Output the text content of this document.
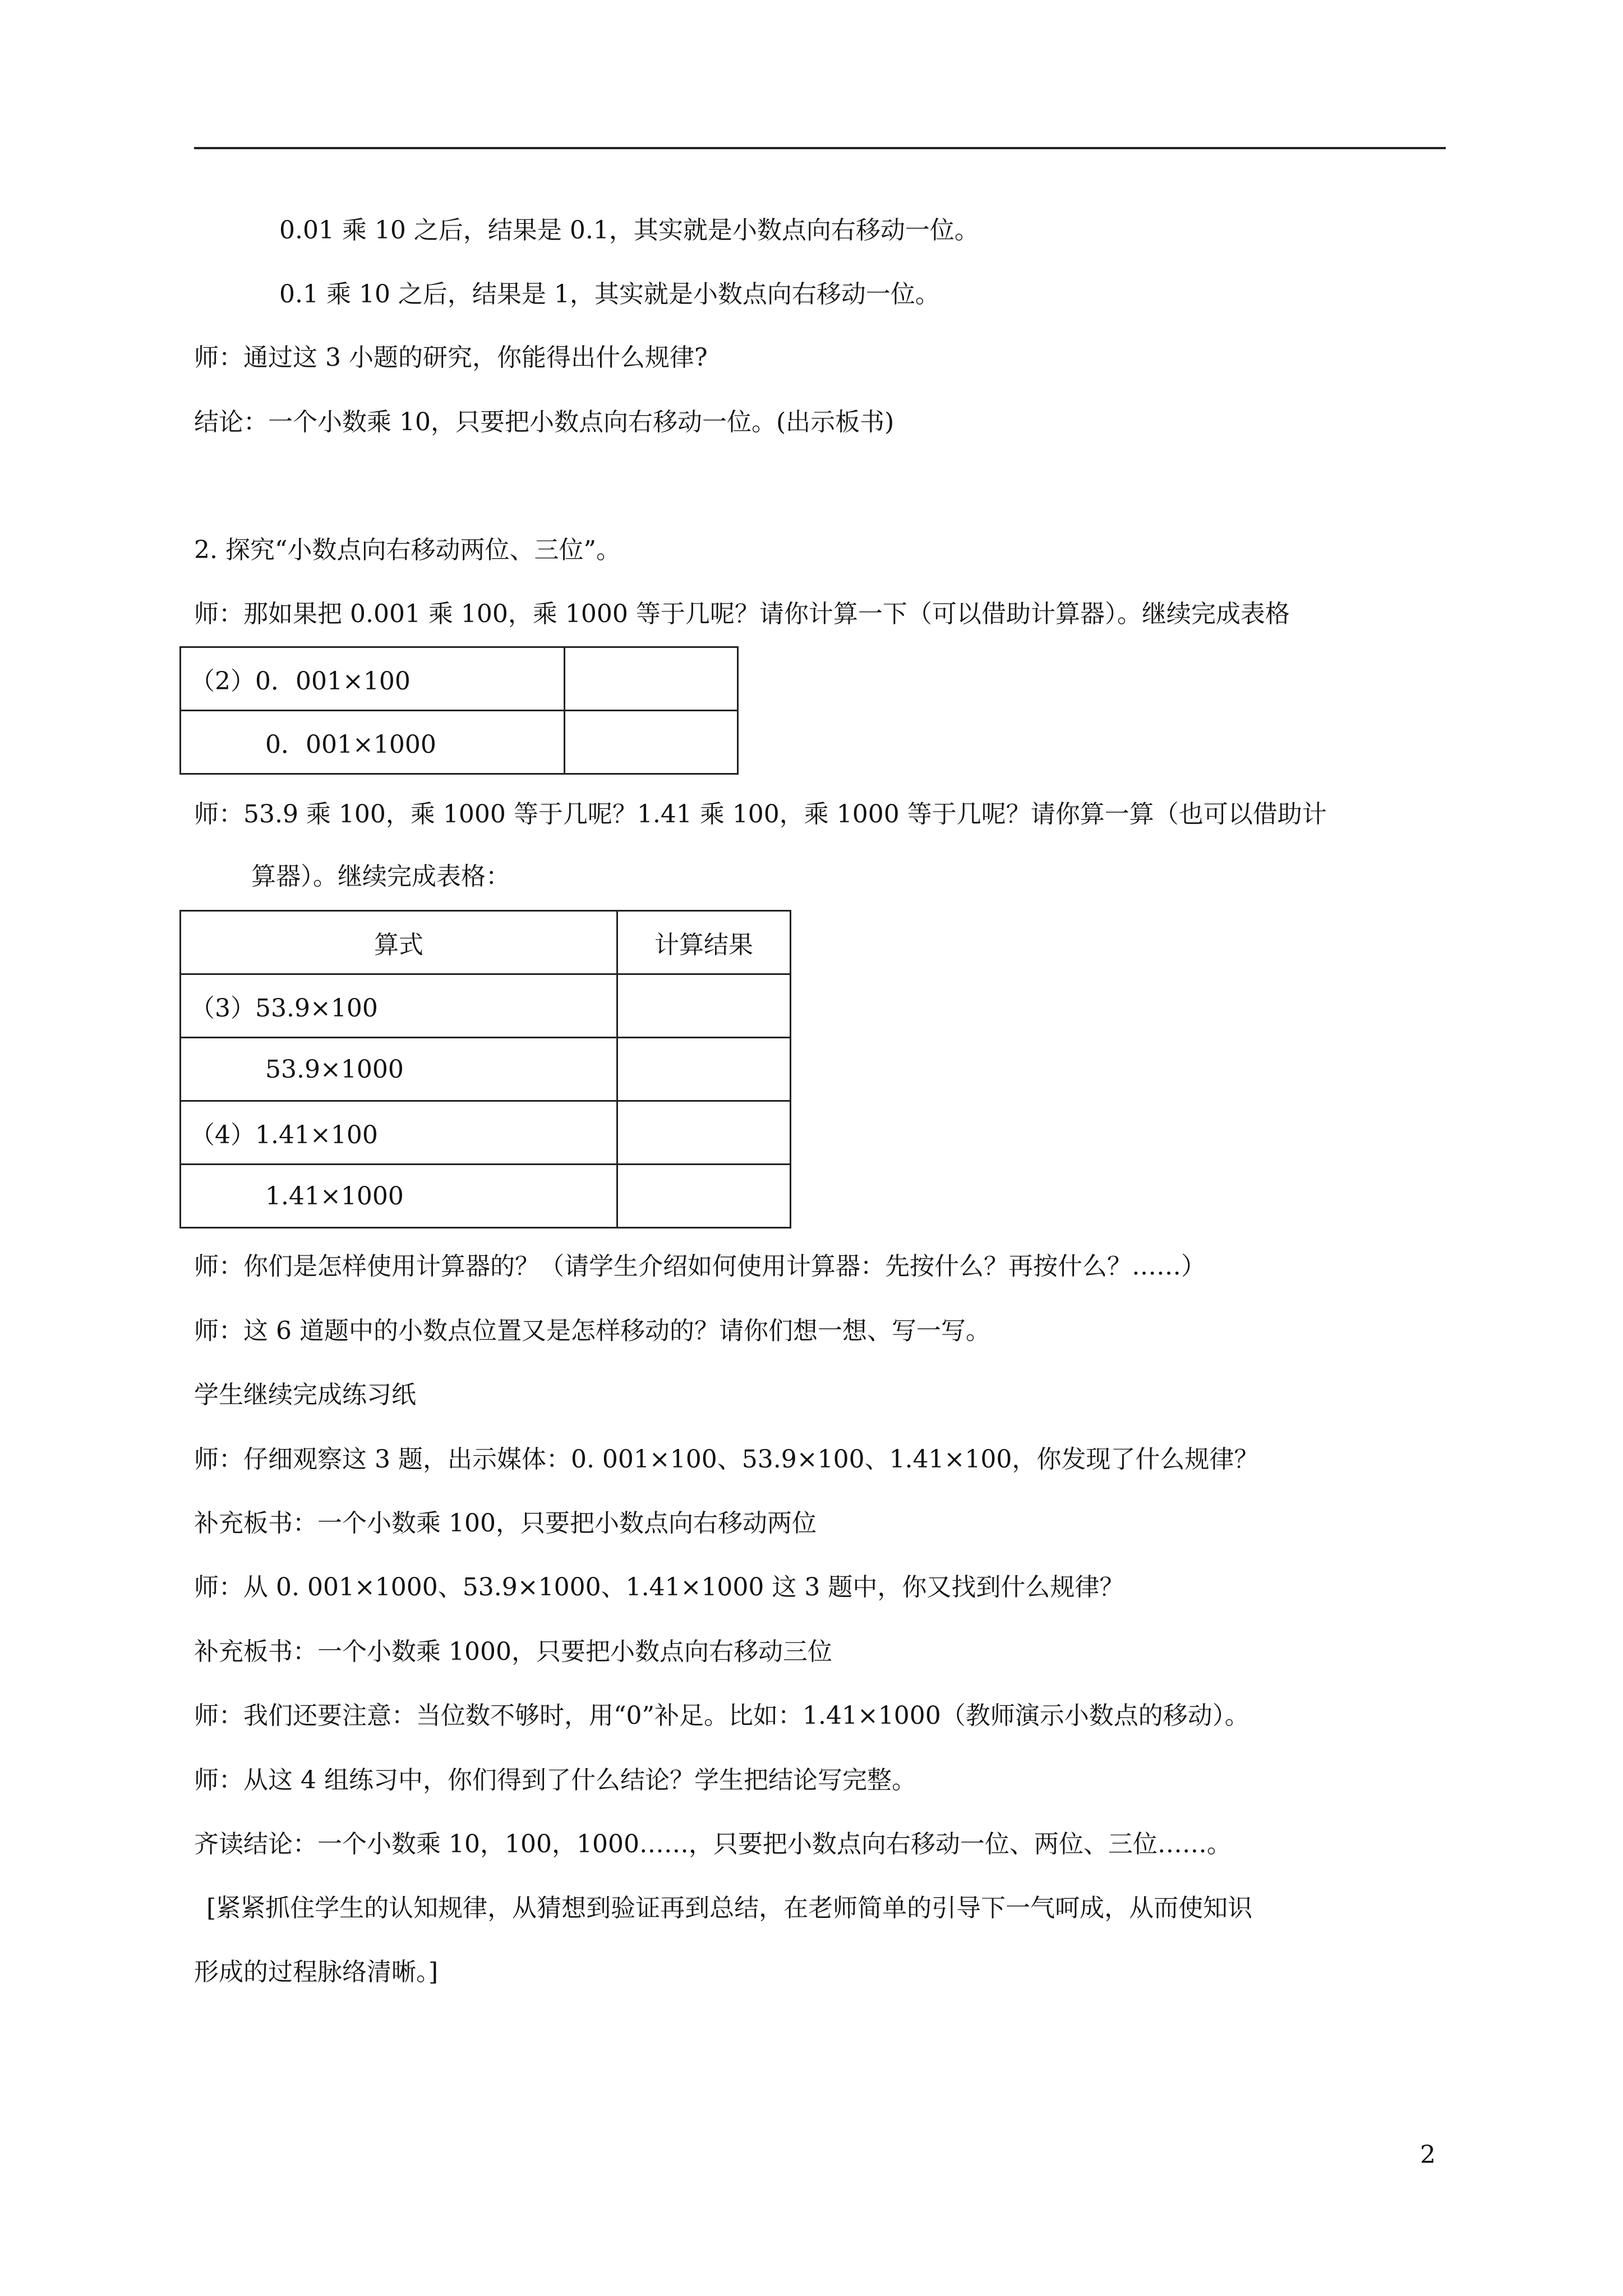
0.01 乘 10 之后，结果是 0.1，其实就是小数点向右移动一位。
0.1 乘 10 之后，结果是 1，其实就是小数点向右移动一位。
师：通过这 3 小题的研究，你能得出什么规律?
结论：一个小数乘 10，只要把小数点向右移动一位。(出示板书)
2. 探究“小数点向右移动两位、三位”。
师：那如果把 0.001 乘 100，乘 1000 等于几呢？请你计算一下（可以借助计算器）。继续完成表格
（2）0．001×100	
0．001×1000	
师：53.9 乘 100，乘 1000 等于几呢？1.41 乘 100，乘 1000 等于几呢？请你算一算（也可以借助计
算器）。继续完成表格：
算式	计算结果
（3）53.9×100	
53.9×1000	
（4）1.41×100	
1.41×1000	
师：你们是怎样使用计算器的？（请学生介绍如何使用计算器：先按什么？再按什么？……）
师：这 6 道题中的小数点位置又是怎样移动的？请你们想一想、写一写。
学生继续完成练习纸
师：仔细观察这 3 题，出示媒体：0. 001×100、53.9×100、1.41×100，你发现了什么规律？
补充板书：一个小数乘 100，只要把小数点向右移动两位
师：从 0. 001×1000、53.9×1000、1.41×1000 这 3 题中，你又找到什么规律？
补充板书：一个小数乘 1000，只要把小数点向右移动三位
师：我们还要注意：当位数不够时，用“0”补足。比如：1.41×1000（教师演示小数点的移动）。
师：从这 4 组练习中，你们得到了什么结论？学生把结论写完整。
齐读结论：一个小数乘 10，100，1000……，只要把小数点向右移动一位、两位、三位……。
[紧紧抓住学生的认知规律，从猜想到验证再到总结，在老师简单的引导下一气呵成，从而使知识
形成的过程脉络清晰。]
2
